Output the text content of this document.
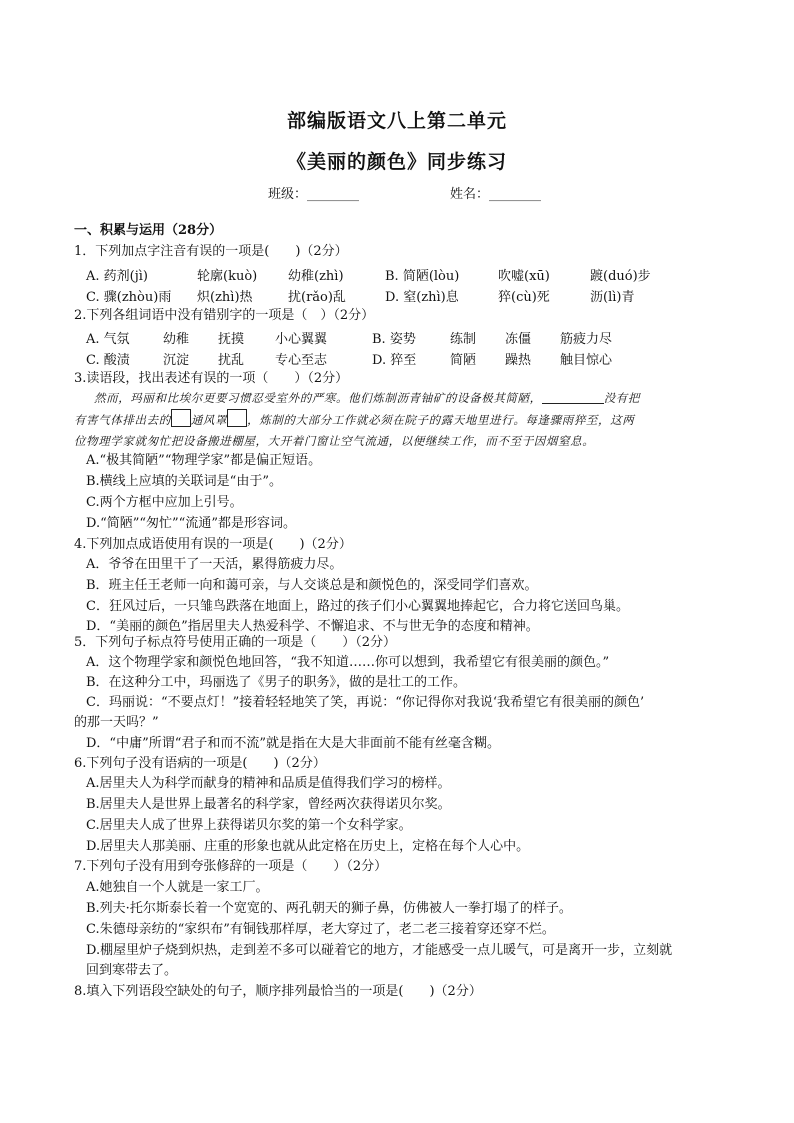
部编版语文八上第二单元
《美丽的颜色》同步练习
班级：________	姓名：________
一、积累与运用（28分）
1．下列加点字注音有误的一项是(　　)（2分）
A. 药剂(jì)	轮廓(kuò) 幼稚(zhì)	B. 简陋(lòu)	吹嘘(xū)	踱(duó)步
C. 骤(zhòu)雨 炽(zhì)热	扰(rǎo)乱	D. 窒(zhì)息	猝(cù)死	沥(lì)青
2.下列各组词语中没有错别字的一项是（　）（2分）
A. 气氛	幼稚 抚摸 小心翼翼	B. 姿势	练制 冻僵 筋疲力尽
C. 酸渍	沉淀 扰乱 专心至志	D. 猝至	简陋 躁热 触目惊心
3.读语段，找出表述有误的一项（　　）（2分）
然而，玛丽和比埃尔更要习惯忍受室外的严寒。他们炼制沥青铀矿的设备极其简陋，	没有把
有害气体排出去的 通风罩 ，炼制的大部分工作就必须在院子的露天地里进行。每逢骤雨猝至，这两
位物理学家就匆忙把设备搬进棚屋，大开着门窗让空气流通，以便继续工作，而不至于因烟窒息。
A.“极其简陋”“物理学家”都是偏正短语。
B.横线上应填的关联词是“由于”。
C.两个方框中应加上引号。
D.“简陋”“匆忙”“流通”都是形容词。
4.下列加点成语使用有误的一项是(　　)（2分）
A．爷爷在田里干了一天活，累得筋疲力尽。
B．班主任王老师一向和蔼可亲，与人交谈总是和颜悦色的，深受同学们喜欢。
C．狂风过后，一只雏鸟跌落在地面上，路过的孩子们小心翼翼地捧起它，合力将它送回鸟巢。
D．“美丽的颜色”指居里夫人热爱科学、不懈追求、不与世无争的态度和精神。
5．下列句子标点符号使用正确的一项是（　　）（2分）
A．这个物理学家和颜悦色地回答，“我不知道……你可以想到，我希望它有很美丽的颜色。”
B．在这种分工中，玛丽选了《男子的职务》，做的是壮工的工作。
C．玛丽说：“不要点灯！”接着轻轻地笑了笑，再说：“你记得你对我说‘我希望它有很美丽的颜色’
的那一天吗？”
D．“中庸”所谓“君子和而不流”就是指在大是大非面前不能有丝毫含糊。
6.下列句子没有语病的一项是(　　)（2分）
A.居里夫人为科学而献身的精神和品质是值得我们学习的榜样。
B.居里夫人是世界上最著名的科学家，曾经两次获得诺贝尔奖。
C.居里夫人成了世界上获得诺贝尔奖的第一个女科学家。
D.居里夫人那美丽、庄重的形象也就从此定格在历史上，定格在每个人心中。
7.下列句子没有用到夸张修辞的一项是（　　）（2分）
A.她独自一个人就是一家工厂。
B.列夫·托尔斯泰长着一个宽宽的、两孔朝天的狮子鼻，仿佛被人一拳打塌了的样子。
C.朱德母亲纺的“家织布”有铜钱那样厚，老大穿过了，老二老三接着穿还穿不烂。
D.棚屋里炉子烧到炽热，走到差不多可以碰着它的地方，才能感受一点儿暖气，可是离开一步，立刻就
回到寒带去了。
8.填入下列语段空缺处的句子，顺序排列最恰当的一项是(　　)（2分）
